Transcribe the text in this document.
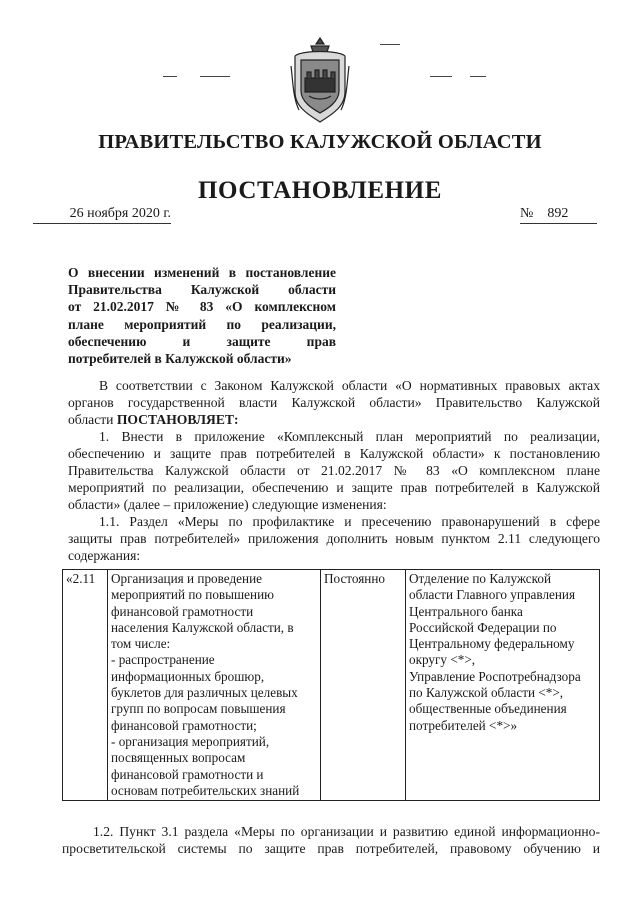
ПРАВИТЕЛЬСТВО КАЛУЖСКОЙ ОБЛАСТИ
ПОСТАНОВЛЕНИЕ
26 ноября 2020 г.	№ 892
О внесении изменений в постановление
Правительства Калужской области
от 21.02.2017 № 83 «О комплексном
плане мероприятий по реализации,
обеспечению и защите прав
потребителей в Калужской области»
В соответствии с Законом Калужской области «О нормативных правовых актах
органов государственной власти Калужской области» Правительство Калужской
области ПОСТАНОВЛЯЕТ:
1. Внести в приложение «Комплексный план мероприятий по реализации,
обеспечению и защите прав потребителей в Калужской области» к постановлению
Правительства Калужской области от 21.02.2017 № 83 «О комплексном плане
мероприятий по реализации, обеспечению и защите прав потребителей в Калужской
области» (далее – приложение) следующие изменения:
1.1. Раздел «Меры по профилактике и пресечению правонарушений в сфере
защиты прав потребителей» приложения дополнить новым пунктом 2.11 следующего
содержания:
«2.11	Организация и проведение
мероприятий по повышению
финансовой грамотности
населения Калужской области, в
том числе:
- распространение
информационных брошюр,
буклетов для различных целевых
групп по вопросам повышения
финансовой грамотности;
- организация мероприятий,
посвященных вопросам
финансовой грамотности и
основам потребительских знаний
	Постоянно	Отделение по Калужской
области Главного управления
Центрального банка
Российской Федерации по
Центральному федеральному
округу <*>,
Управление Роспотребнадзора
по Калужской области <*>,
общественные объединения
потребителей <*>»
1.2. Пункт 3.1 раздела «Меры по организации и развитию единой информационно-
просветительской системы по защите прав потребителей, правовому обучению и
